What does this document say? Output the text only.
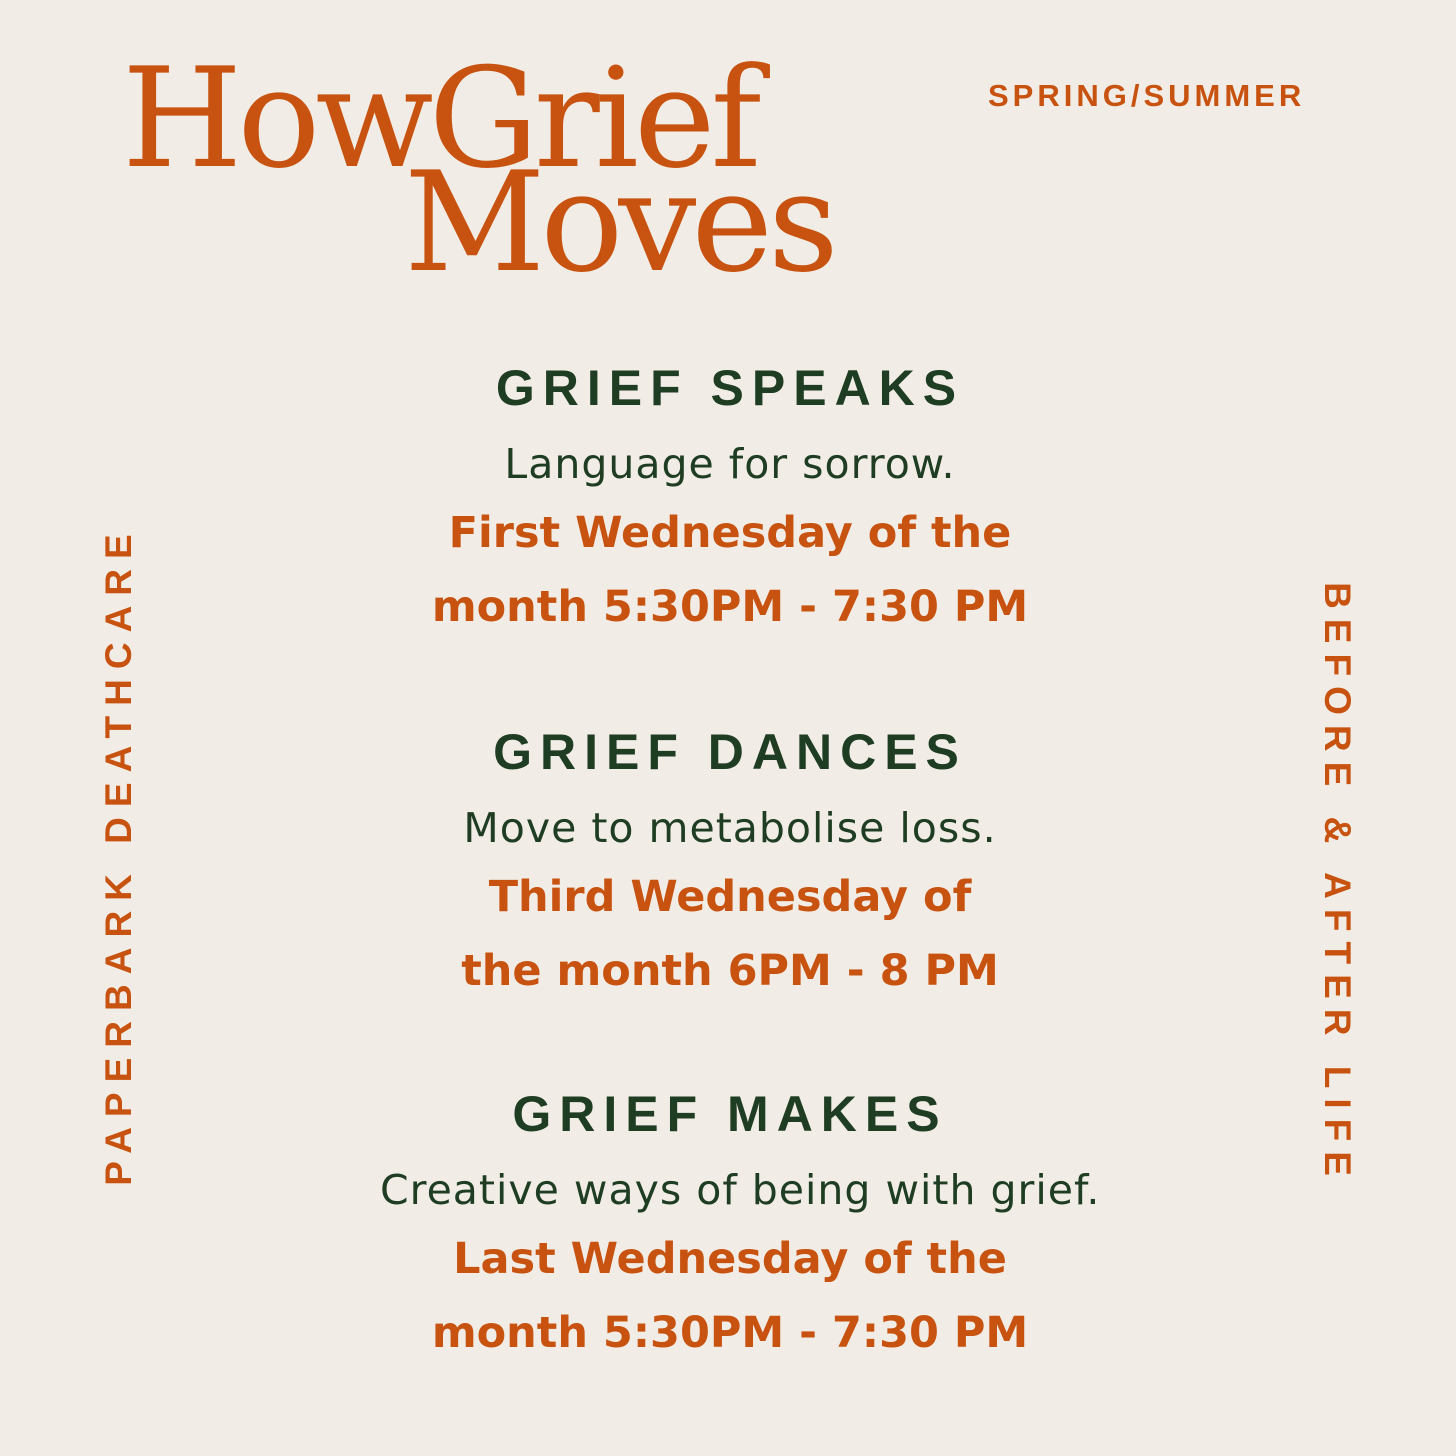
HowGrief
Moves
SPRING/SUMMER
PAPERBARK DEATHCARE	BEFORE & AFTER LIFE
GRIEF SPEAKS
Language for sorrow.
First Wednesday of the
month 5:30PM - 7:30 PM
GRIEF DANCES
Move to metabolise loss.
Third Wednesday of
the month 6PM - 8 PM
GRIEF MAKES
Creative ways of being with grief.
Last Wednesday of the
month 5:30PM - 7:30 PM
